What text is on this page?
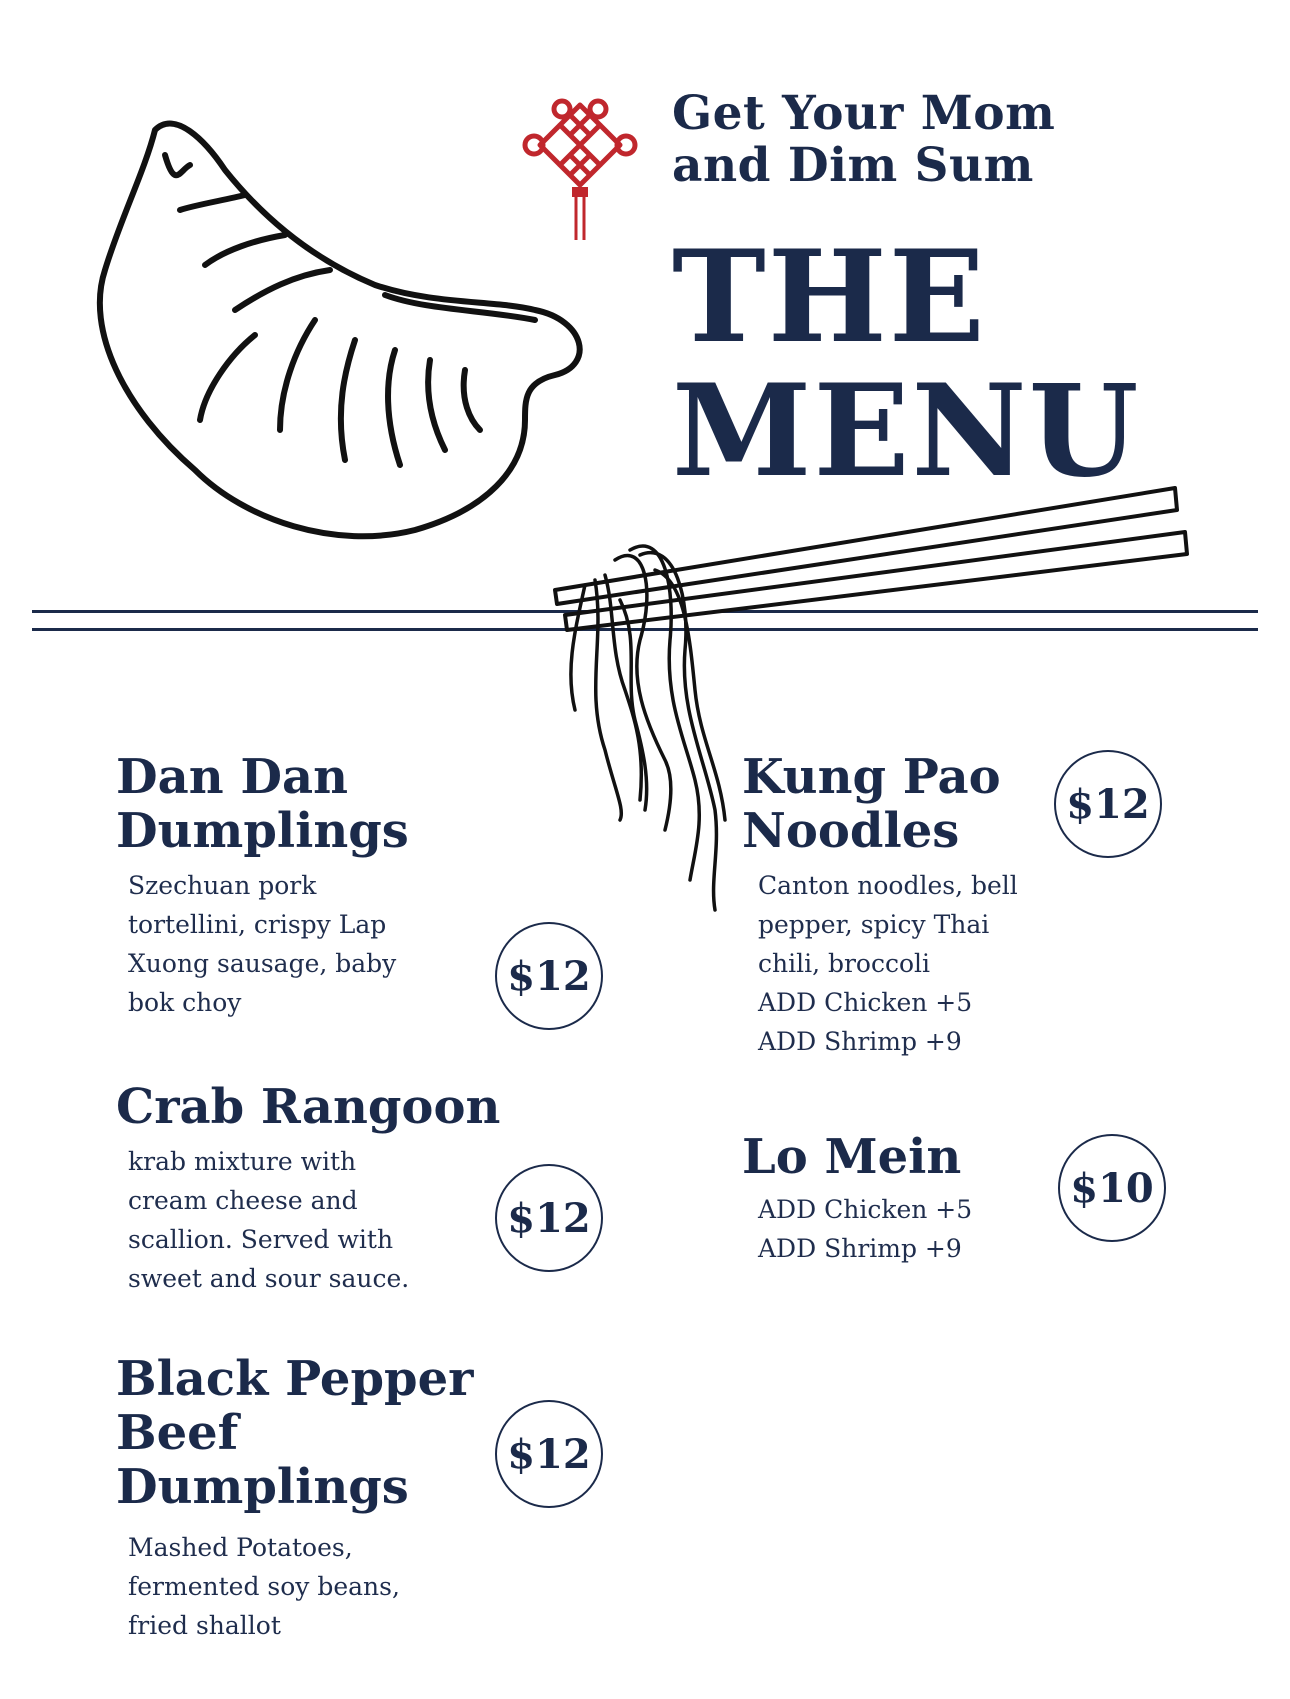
Get Your Mom
and Dim Sum
THE
MENU
Dan Dan
Dumplings
Szechuan pork
tortellini, crispy Lap
Xuong sausage, baby
bok choy
$12
Crab Rangoon
krab mixture with
cream cheese and
scallion. Served with
sweet and sour sauce.
$12
Black Pepper
Beef
Dumplings
Mashed Potatoes,
fermented soy beans,
fried shallot
$12
Kung Pao
Noodles
Canton noodles, bell
pepper, spicy Thai
chili, broccoli
ADD Chicken +5
ADD Shrimp +9
$12
Lo Mein
ADD Chicken +5
ADD Shrimp +9
$10
